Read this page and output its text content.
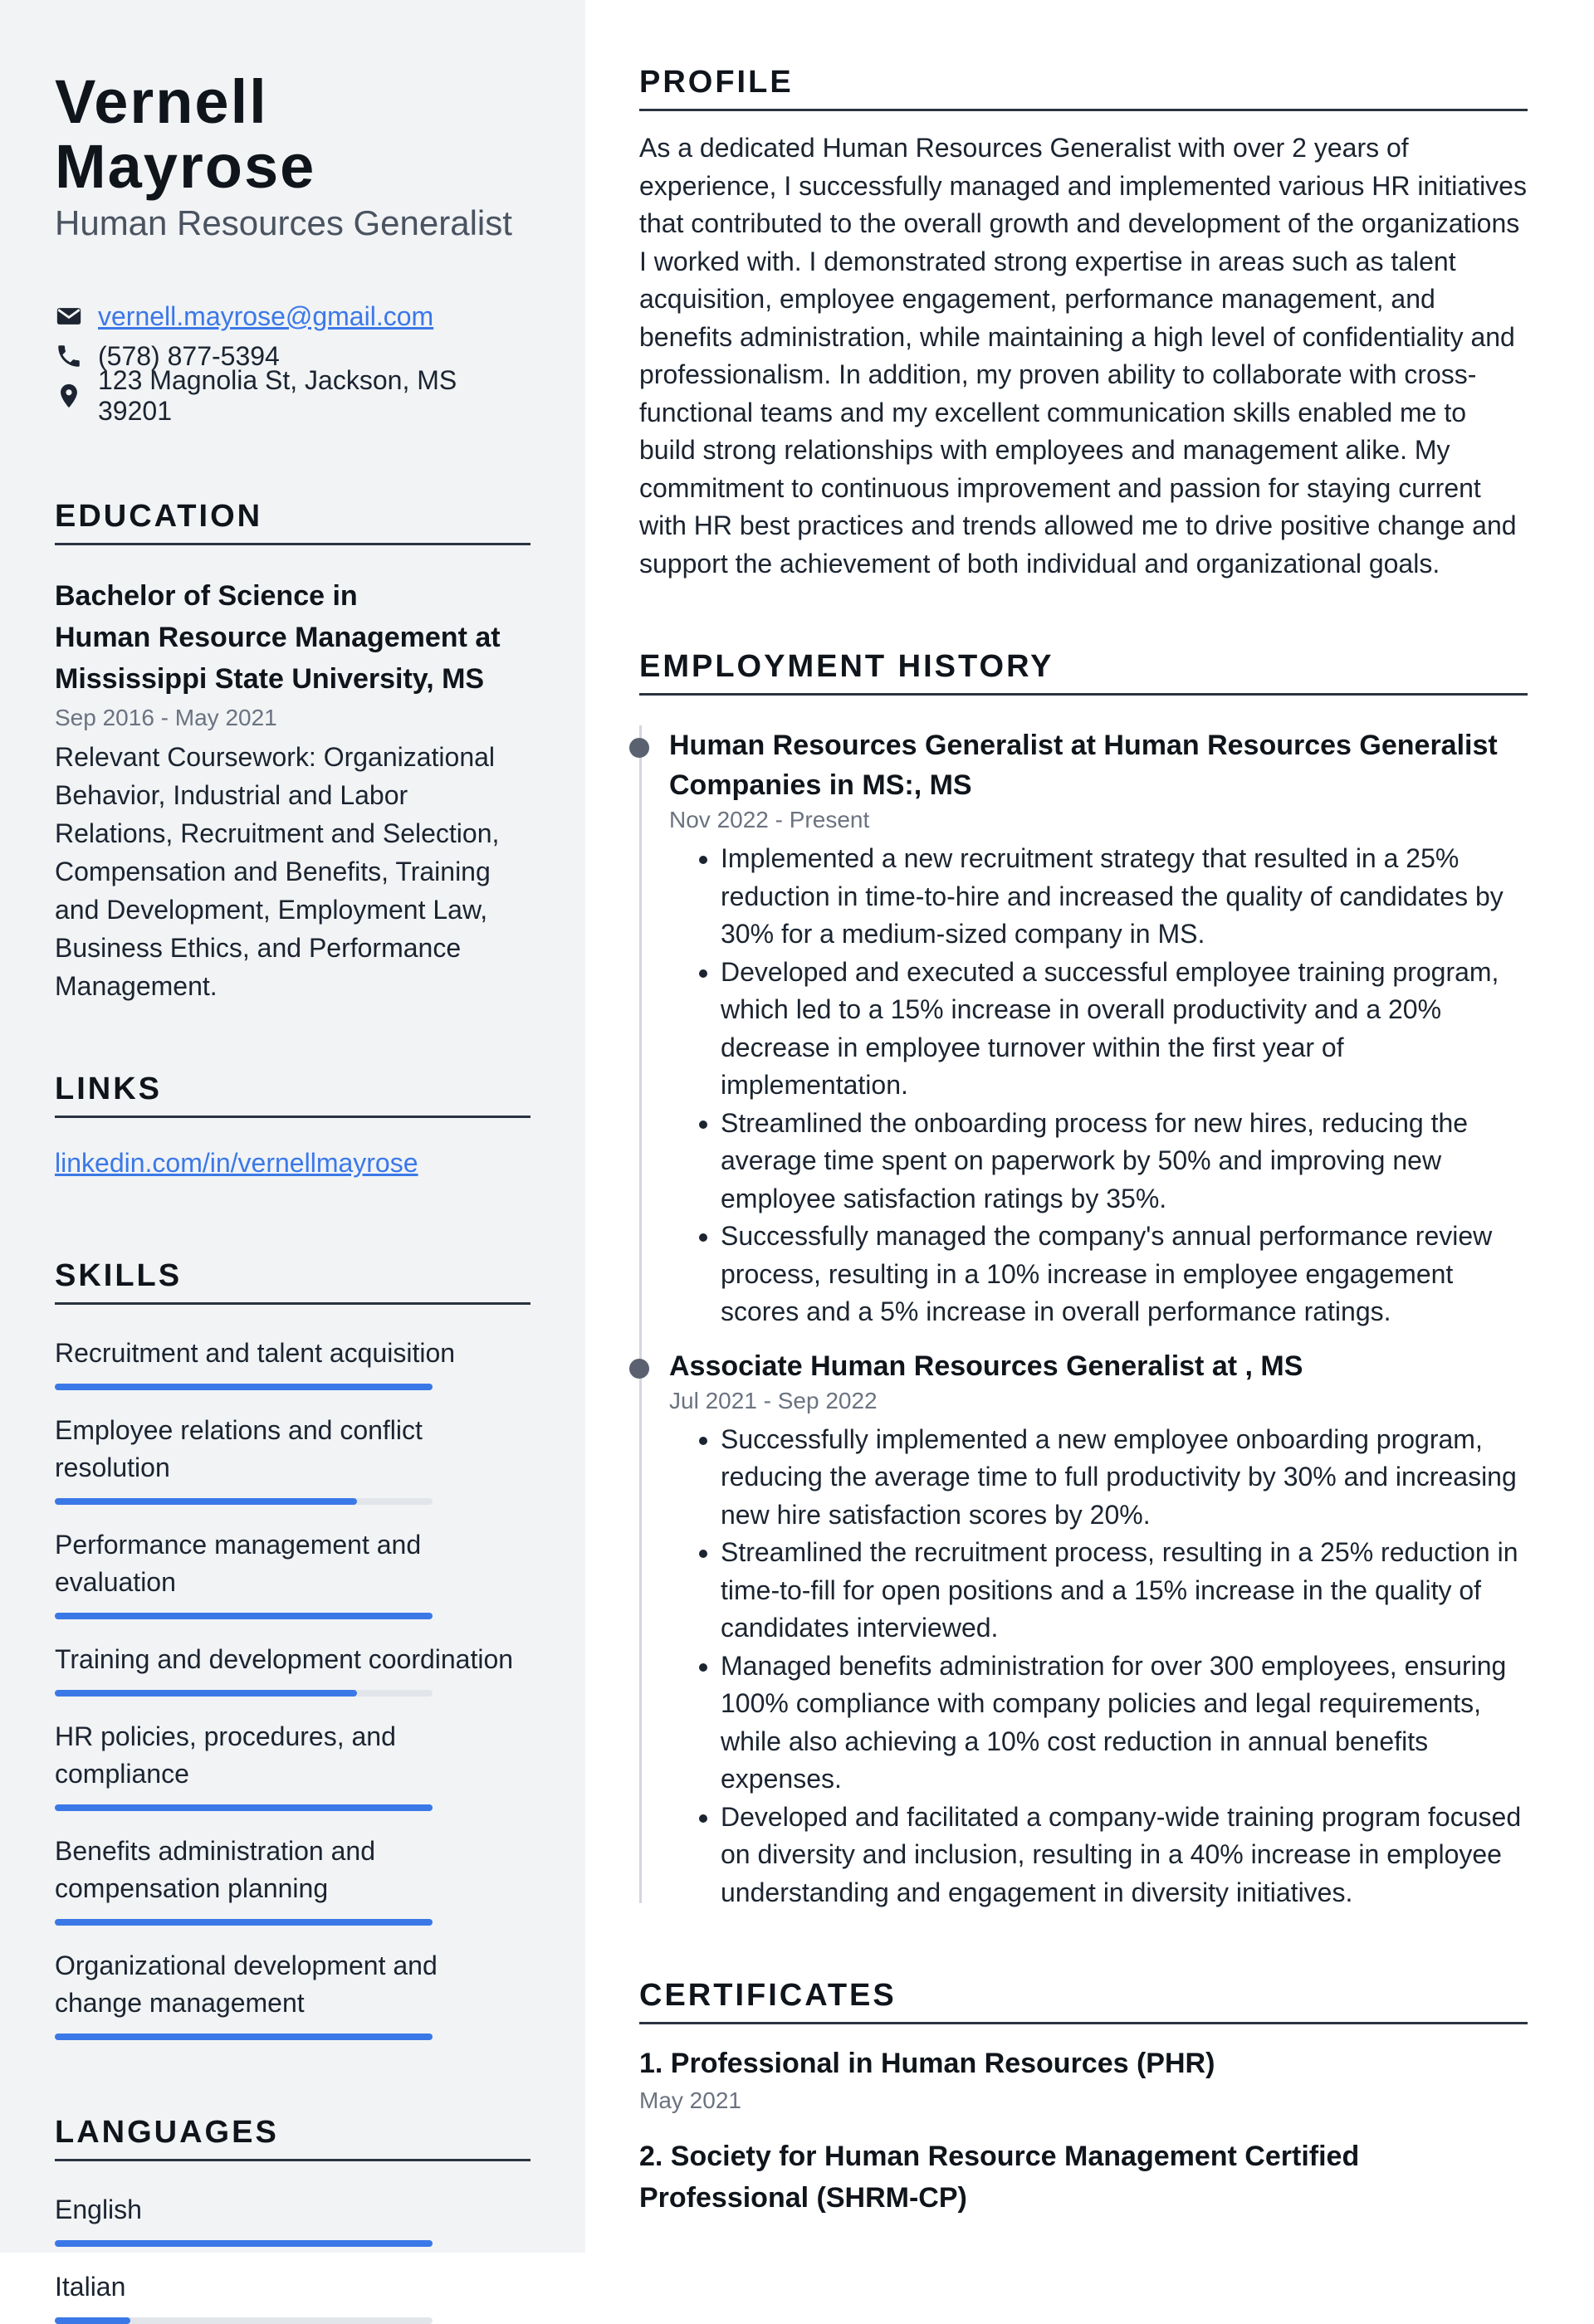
Vernell Mayrose
Human Resources Generalist
vernell.mayrose@gmail.com
(578) 877-5394
123 Magnolia St, Jackson, MS 39201
EDUCATION
Bachelor of Science in
Human Resource Management at
Mississippi State University, MS
Sep 2016 - May 2021
Relevant Coursework: Organizational Behavior, Industrial and Labor Relations, Recruitment and Selection, Compensation and Benefits, Training and Development, Employment Law, Business Ethics, and Performance Management.
LINKS
linkedin.com/in/vernellmayrose
SKILLS
Recruitment and talent acquisition
Employee relations and conflict resolution
Performance management and evaluation
Training and development coordination
HR policies, procedures, and compliance
Benefits administration and compensation planning
Organizational development and change management
LANGUAGES
English
Italian
PROFILE

As a dedicated Human Resources Generalist with over 2 years of experience, I successfully managed and implemented various HR initiatives that contributed to the overall growth and development of the organizations I worked with. I demonstrated strong expertise in areas such as talent acquisition, employee engagement, performance management, and benefits administration, while maintaining a high level of confidentiality and professionalism. In addition, my proven ability to collaborate with cross-functional teams and my excellent communication skills enabled me to build strong relationships with employees and management alike. My commitment to continuous improvement and passion for staying current with HR best practices and trends allowed me to drive positive change and support the achievement of both individual and organizational goals.

EMPLOYMENT HISTORY
Human Resources Generalist at Human Resources Generalist Companies in MS:, MS
Nov 2022 - Present
• Implemented a new recruitment strategy that resulted in a 25% reduction in time-to-hire and increased the quality of candidates by 30% for a medium-sized company in MS.
• Developed and executed a successful employee training program, which led to a 15% increase in overall productivity and a 20% decrease in employee turnover within the first year of implementation.
• Streamlined the onboarding process for new hires, reducing the average time spent on paperwork by 50% and improving new employee satisfaction ratings by 35%.
• Successfully managed the company's annual performance review process, resulting in a 10% increase in employee engagement scores and a 5% increase in overall performance ratings.
Associate Human Resources Generalist at , MS
Jul 2021 - Sep 2022
• Successfully implemented a new employee onboarding program, reducing the average time to full productivity by 30% and increasing new hire satisfaction scores by 20%.
• Streamlined the recruitment process, resulting in a 25% reduction in time-to-fill for open positions and a 15% increase in the quality of candidates interviewed.
• Managed benefits administration for over 300 employees, ensuring 100% compliance with company policies and legal requirements, while also achieving a 10% cost reduction in annual benefits expenses.
• Developed and facilitated a company-wide training program focused on diversity and inclusion, resulting in a 40% increase in employee understanding and engagement in diversity initiatives.
CERTIFICATES
1. Professional in Human Resources (PHR)
May 2021
2. Society for Human Resource Management Certified Professional (SHRM-CP)
